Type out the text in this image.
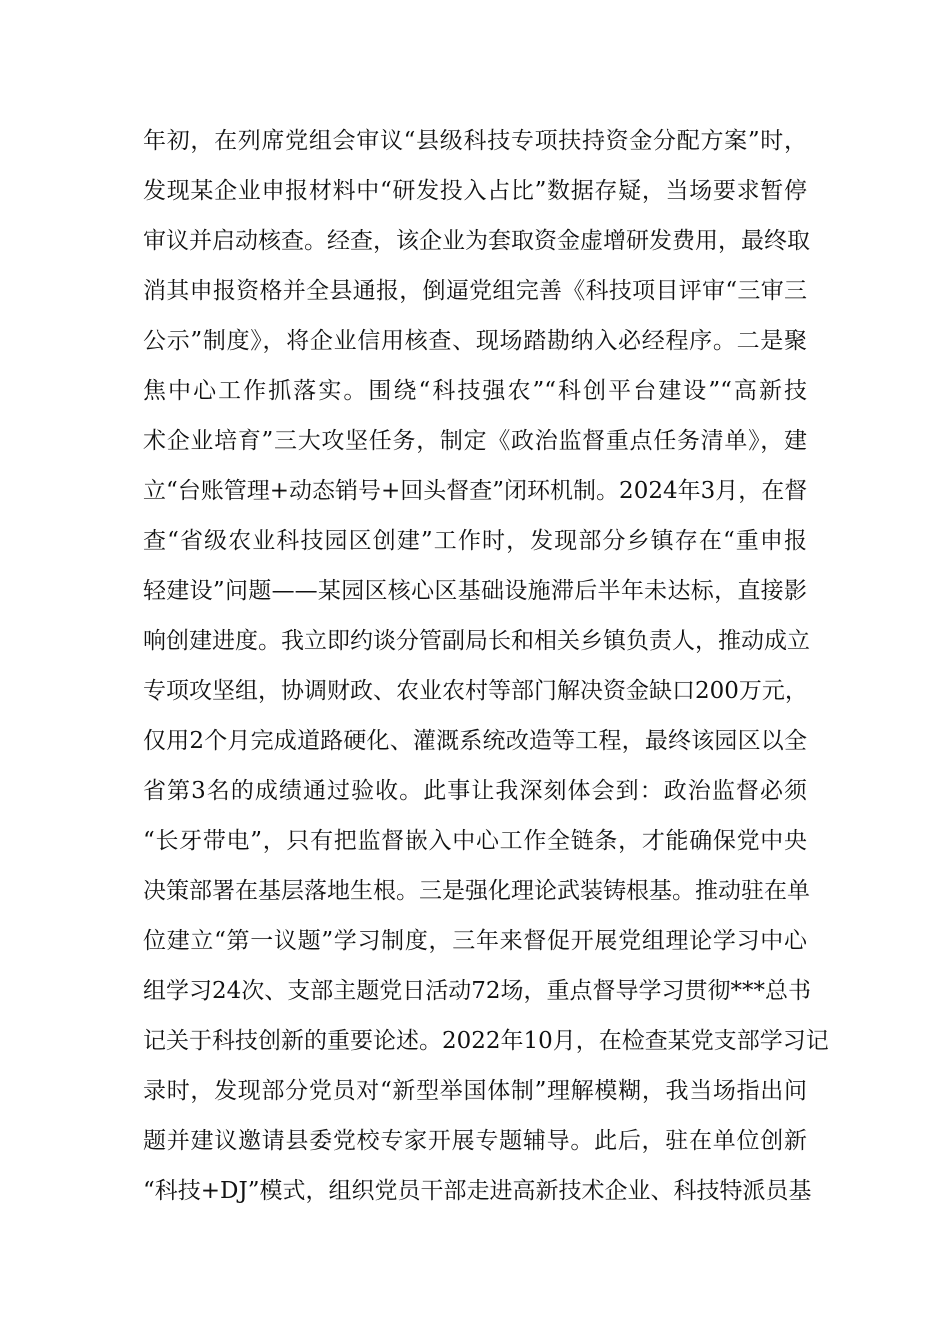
年初，在列席党组会审议“县级科技专项扶持资金分配方案”时，
发现某企业申报材料中“研发投入占比”数据存疑，当场要求暂停
审议并启动核查。经查，该企业为套取资金虚增研发费用，最终取
消其申报资格并全县通报，倒逼党组完善《科技项目评审“三审三
公示”制度》，将企业信用核查、现场踏勘纳入必经程序。二是聚
焦中心工作抓落实。围绕“科技强农”“科创平台建设”“高新技
术企业培育”三大攻坚任务，制定《政治监督重点任务清单》，建
立“台账管理+动态销号+回头督查”闭环机制。2024年3月，在督
查“省级农业科技园区创建”工作时，发现部分乡镇存在“重申报
轻建设”问题——某园区核心区基础设施滞后半年未达标，直接影
响创建进度。我立即约谈分管副局长和相关乡镇负责人，推动成立
专项攻坚组，协调财政、农业农村等部门解决资金缺口200万元，
仅用2个月完成道路硬化、灌溉系统改造等工程，最终该园区以全
省第3名的成绩通过验收。此事让我深刻体会到：政治监督必须
“长牙带电”，只有把监督嵌入中心工作全链条，才能确保党中央
决策部署在基层落地生根。三是强化理论武装铸根基。推动驻在单
位建立“第一议题”学习制度，三年来督促开展党组理论学习中心
组学习24次、支部主题党日活动72场，重点督导学习贯彻***总书
记关于科技创新的重要论述。2022年10月，在检查某党支部学习记
录时，发现部分党员对“新型举国体制”理解模糊，我当场指出问
题并建议邀请县委党校专家开展专题辅导。此后，驻在单位创新
“科技+DJ”模式，组织党员干部走进高新技术企业、科技特派员基
